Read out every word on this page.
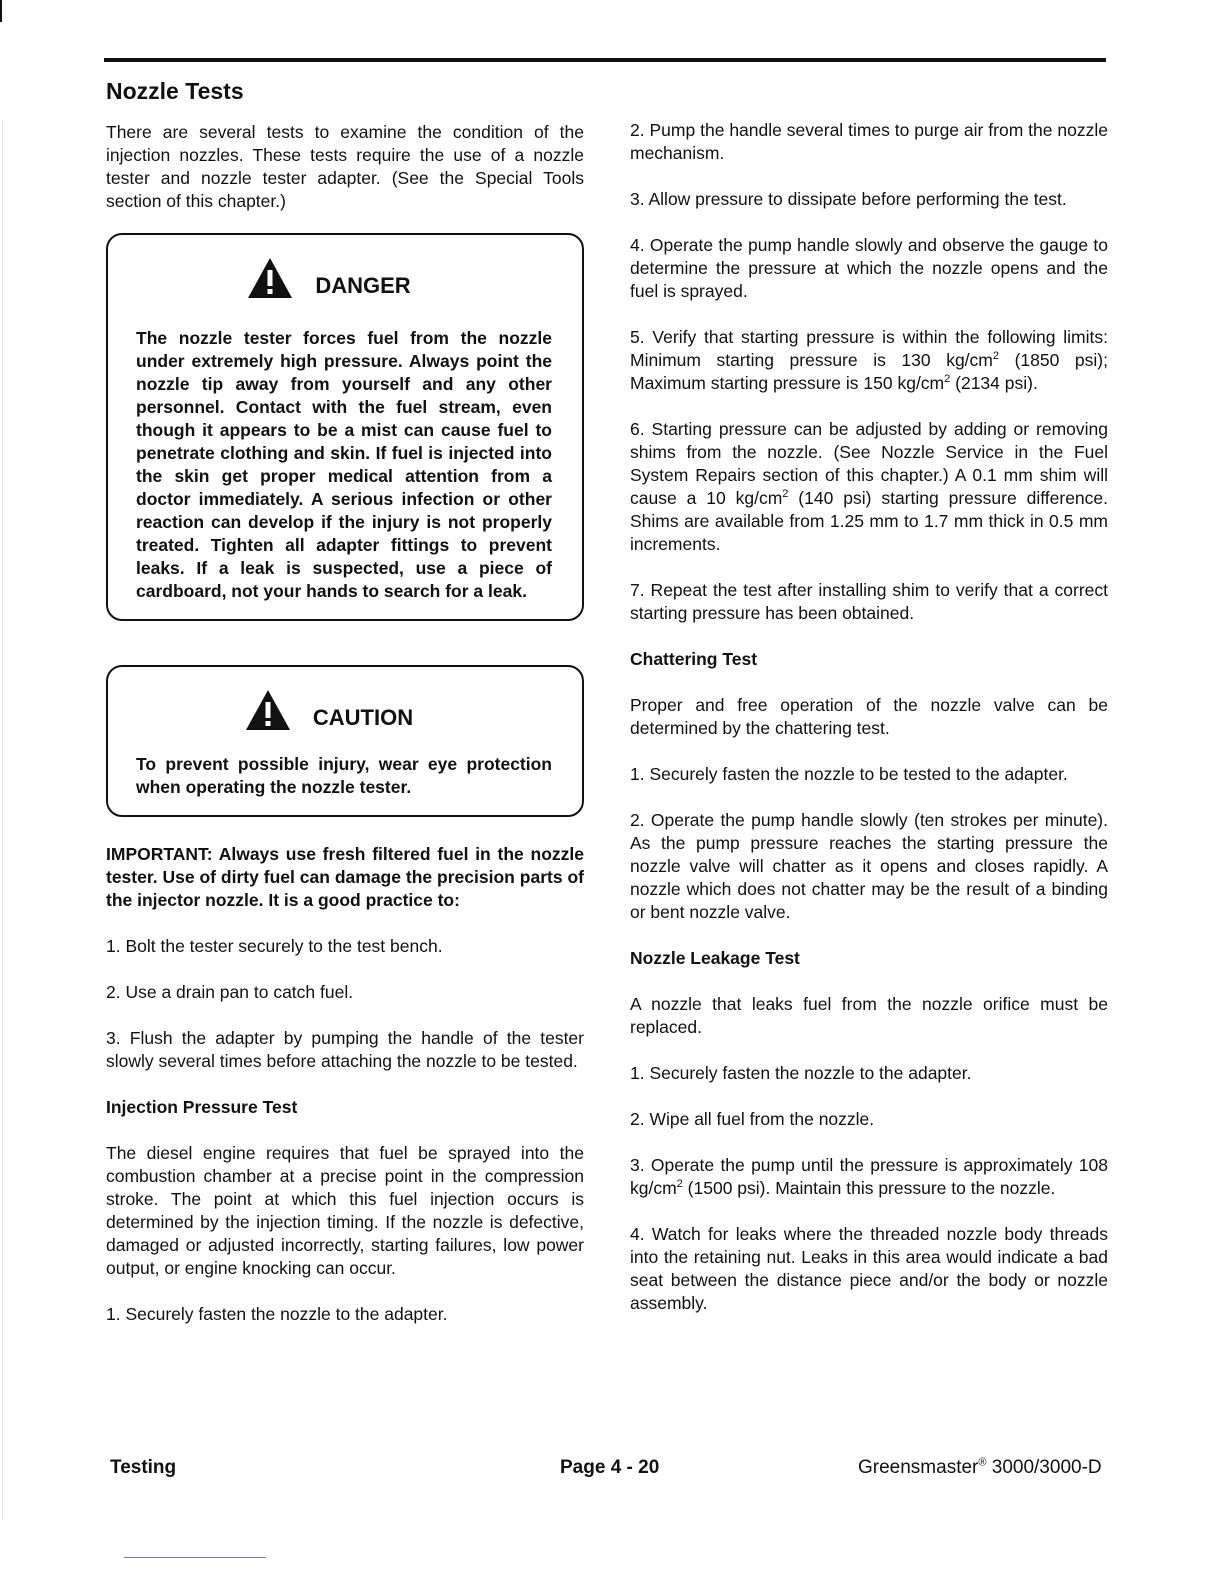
Nozzle Tests

There are several tests to examine the condition of the injection nozzles. These tests require the use of a nozzle tester and nozzle tester adapter. (See the Special Tools section of this chapter.)

DANGER

The nozzle tester forces fuel from the nozzle under extremely high pressure. Always point the nozzle tip away from yourself and any other personnel. Contact with the fuel stream, even though it appears to be a mist can cause fuel to penetrate clothing and skin. If fuel is injected into the skin get proper medical attention from a doctor immediately. A serious infection or other reaction can develop if the injury is not properly treated. Tighten all adapter fittings to prevent leaks. If a leak is suspected, use a piece of cardboard, not your hands to search for a leak.

CAUTION

To prevent possible injury, wear eye protection when operating the nozzle tester.

IMPORTANT: Always use fresh filtered fuel in the nozzle tester. Use of dirty fuel can damage the precision parts of the injector nozzle. It is a good practice to:

1. Bolt the tester securely to the test bench.

2. Use a drain pan to catch fuel.

3. Flush the adapter by pumping the handle of the tester slowly several times before attaching the nozzle to be tested.

Injection Pressure Test

The diesel engine requires that fuel be sprayed into the combustion chamber at a precise point in the compression stroke. The point at which this fuel injection occurs is determined by the injection timing. If the nozzle is defective, damaged or adjusted incorrectly, starting failures, low power output, or engine knocking can occur.

1. Securely fasten the nozzle to the adapter.

2. Pump the handle several times to purge air from the nozzle mechanism.

3. Allow pressure to dissipate before performing the test.

4. Operate the pump handle slowly and observe the gauge to determine the pressure at which the nozzle opens and the fuel is sprayed.

5. Verify that starting pressure is within the following limits: Minimum starting pressure is 130 $kg/cm^2$ (1850 psi); Maximum starting pressure is 150 $kg/cm^2$ (2134 psi).

6. Starting pressure can be adjusted by adding or removing shims from the nozzle. (See Nozzle Service in the Fuel System Repairs section of this chapter.) A 0.1 mm shim will cause a 10 $kg/cm^2$ (140 psi) starting pressure difference. Shims are available from 1.25 mm to 1.7 mm thick in 0.5 mm increments.

7. Repeat the test after installing shim to verify that a correct starting pressure has been obtained.

Chattering Test

Proper and free operation of the nozzle valve can be determined by the chattering test.

1. Securely fasten the nozzle to be tested to the adapter.

2. Operate the pump handle slowly (ten strokes per minute). As the pump pressure reaches the starting pressure the nozzle valve will chatter as it opens and closes rapidly. A nozzle which does not chatter may be the result of a binding or bent nozzle valve.

Nozzle Leakage Test

A nozzle that leaks fuel from the nozzle orifice must be replaced.

1. Securely fasten the nozzle to the adapter.

2. Wipe all fuel from the nozzle.

3. Operate the pump until the pressure is approximately 108 $kg/cm^2$ (1500 psi). Maintain this pressure to the nozzle.

4. Watch for leaks where the threaded nozzle body threads into the retaining nut. Leaks in this area would indicate a bad seat between the distance piece and/or the body or nozzle assembly.

Testing	Page 4 - 20	Greensmaster® 3000/3000-D
